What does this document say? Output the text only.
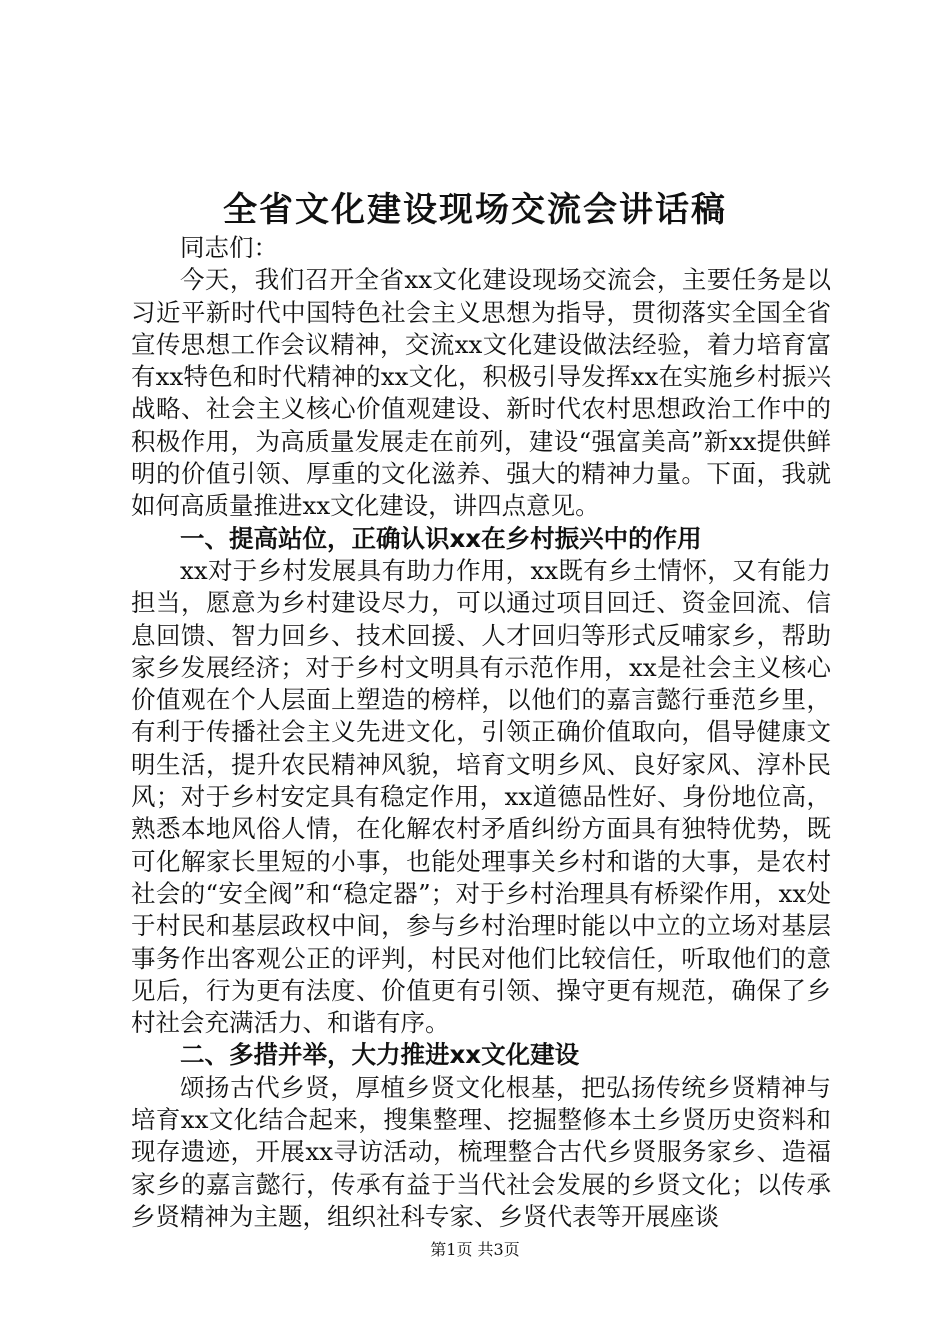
全省文化建设现场交流会讲话稿

同志们：

今天，我们召开全省xx文化建设现场交流会，主要任务是以习近平新时代中国特色社会主义思想为指导，贯彻落实全国全省宣传思想工作会议精神，交流xx文化建设做法经验，着力培育富有xx特色和时代精神的xx文化，积极引导发挥xx在实施乡村振兴战略、社会主义核心价值观建设、新时代农村思想政治工作中的积极作用，为高质量发展走在前列，建设“强富美高”新xx提供鲜明的价值引领、厚重的文化滋养、强大的精神力量。下面，我就如何高质量推进xx文化建设，讲四点意见。

一、提高站位，正确认识xx在乡村振兴中的作用

xx对于乡村发展具有助力作用，xx既有乡土情怀，又有能力担当，愿意为乡村建设尽力，可以通过项目回迁、资金回流、信息回馈、智力回乡、技术回援、人才回归等形式反哺家乡，帮助家乡发展经济；对于乡村文明具有示范作用，xx是社会主义核心价值观在个人层面上塑造的榜样，以他们的嘉言懿行垂范乡里，有利于传播社会主义先进文化，引领正确价值取向，倡导健康文明生活，提升农民精神风貌，培育文明乡风、良好家风、淳朴民风；对于乡村安定具有稳定作用，xx道德品性好、身份地位高，熟悉本地风俗人情，在化解农村矛盾纠纷方面具有独特优势，既可化解家长里短的小事，也能处理事关乡村和谐的大事，是农村社会的“安全阀”和“稳定器”；对于乡村治理具有桥梁作用，xx处于村民和基层政权中间，参与乡村治理时能以中立的立场对基层事务作出客观公正的评判，村民对他们比较信任，听取他们的意见后，行为更有法度、价值更有引领、操守更有规范，确保了乡村社会充满活力、和谐有序。

二、多措并举，大力推进xx文化建设

颂扬古代乡贤，厚植乡贤文化根基，把弘扬传统乡贤精神与培育xx文化结合起来，搜集整理、挖掘整修本土乡贤历史资料和现存遗迹，开展xx寻访活动，梳理整合古代乡贤服务家乡、造福家乡的嘉言懿行，传承有益于当代社会发展的乡贤文化；以传承乡贤精神为主题，组织社科专家、乡贤代表等开展座谈

第1页 共3页
